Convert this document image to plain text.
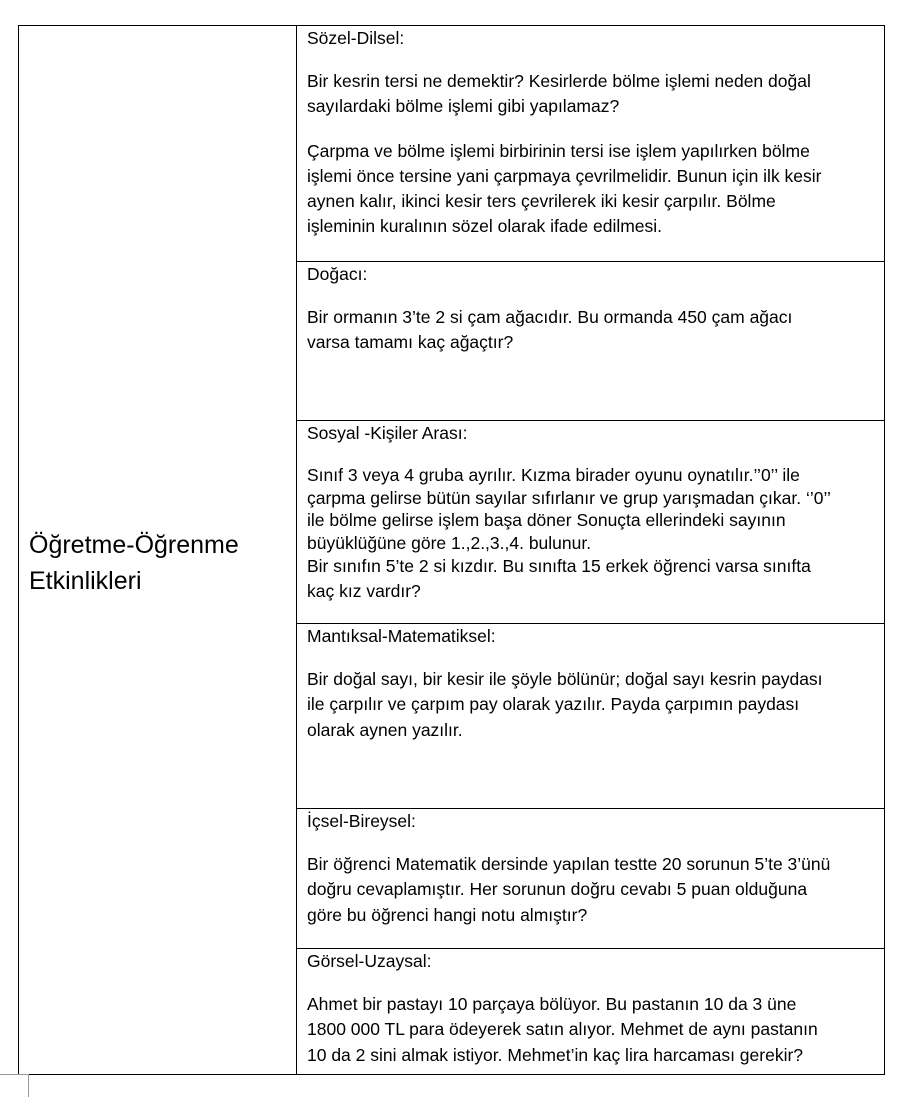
Öğretme-Öğrenme
Etkinlikleri

Sözel-Dilsel:

Bir kesrin tersi ne demektir? Kesirlerde bölme işlemi neden doğal
sayılardaki bölme işlemi gibi yapılamaz?

Çarpma ve bölme işlemi birbirinin tersi ise işlem yapılırken bölme
işlemi önce tersine yani çarpmaya çevrilmelidir. Bunun için ilk kesir
aynen kalır, ikinci kesir ters çevrilerek iki kesir çarpılır. Bölme
işleminin kuralının sözel olarak ifade edilmesi.

Doğacı:

Bir ormanın 3’te 2 si çam ağacıdır. Bu ormanda 450 çam ağacı
varsa tamamı kaç ağaçtır?

Sosyal -Kişiler Arası:

Sınıf 3 veya 4 gruba ayrılır. Kızma birader oyunu oynatılır.’’0’’ ile
çarpma gelirse bütün sayılar sıfırlanır ve grup yarışmadan çıkar. ‘’0’’
ile bölme gelirse işlem başa döner Sonuçta ellerindeki sayının
büyüklüğüne göre 1.,2.,3.,4. bulunur.

Bir sınıfın 5’te 2 si kızdır. Bu sınıfta 15 erkek öğrenci varsa sınıfta
kaç kız vardır?

Mantıksal-Matematiksel:

Bir doğal sayı, bir kesir ile şöyle bölünür; doğal sayı kesrin paydası
ile çarpılır ve çarpım pay olarak yazılır. Payda çarpımın paydası
olarak aynen yazılır.

İçsel-Bireysel:

Bir öğrenci Matematik dersinde yapılan testte 20 sorunun 5’te 3’ünü
doğru cevaplamıştır. Her sorunun doğru cevabı 5 puan olduğuna
göre bu öğrenci hangi notu almıştır?

Görsel-Uzaysal:

Ahmet bir pastayı 10 parçaya bölüyor. Bu pastanın 10 da 3 üne
1800 000 TL para ödeyerek satın alıyor. Mehmet de aynı pastanın
10 da 2 sini almak istiyor. Mehmet’in kaç lira harcaması gerekir?
